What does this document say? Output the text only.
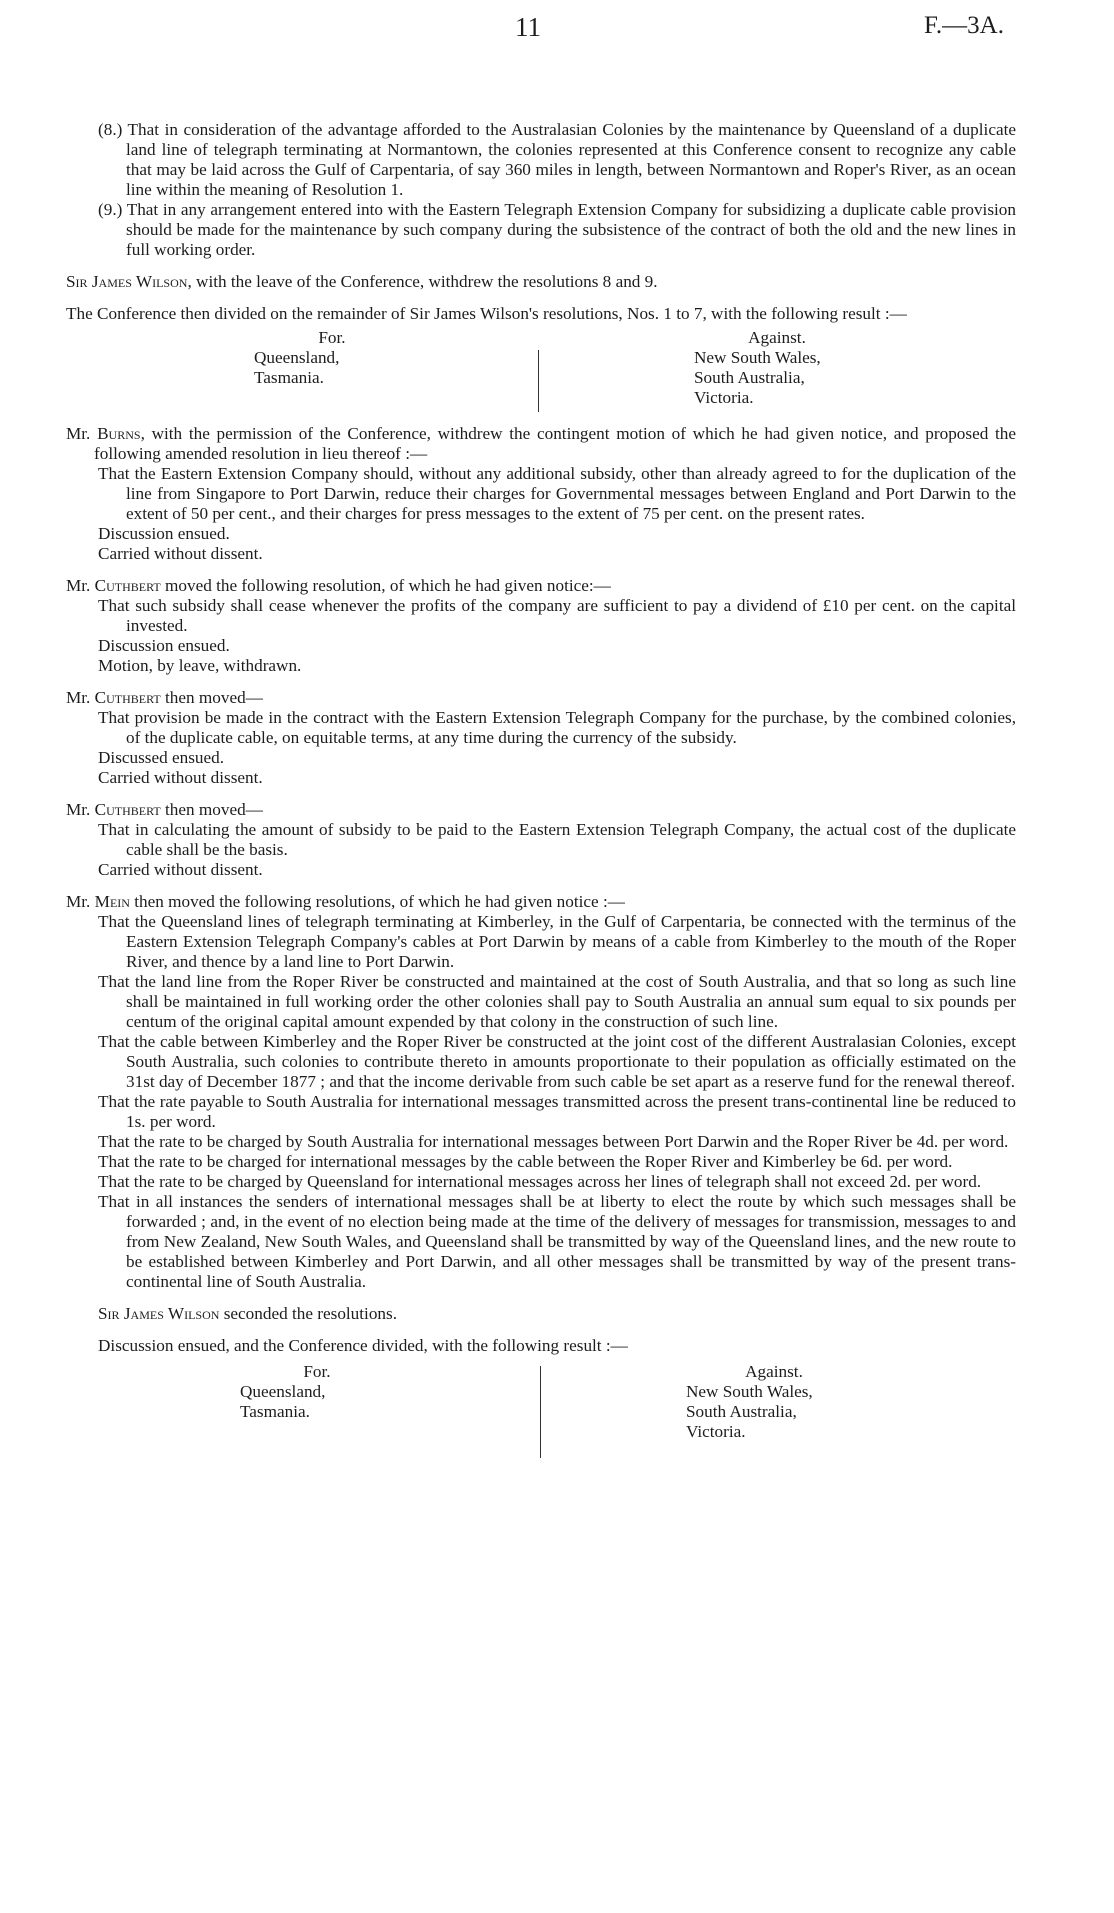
11	F.—3A.

(8.) That in consideration of the advantage afforded to the Australasian Colonies by the maintenance by Queensland of a duplicate land line of telegraph terminating at Normantown, the colonies represented at this Conference consent to recognize any cable that may be laid across the Gulf of Carpentaria, of say 360 miles in length, between Normantown and Roper's River, as an ocean line within the meaning of Resolution 1.

(9.) That in any arrangement entered into with the Eastern Telegraph Extension Company for subsidizing a duplicate cable provision should be made for the maintenance by such company during the subsistence of the contract of both the old and the new lines in full working order.

Sir James Wilson, with the leave of the Conference, withdrew the resolutions 8 and 9.

The Conference then divided on the remainder of Sir James Wilson's resolutions, Nos. 1 to 7, with the following result :—

For.
Queensland,
Tasmania.
Against.
New South Wales,
South Australia,
Victoria.

Mr. Burns, with the permission of the Conference, withdrew the contingent motion of which he had given notice, and proposed the following amended resolution in lieu thereof :—

That the Eastern Extension Company should, without any additional subsidy, other than already agreed to for the duplication of the line from Singapore to Port Darwin, reduce their charges for Governmental messages between England and Port Darwin to the extent of 50 per cent., and their charges for press messages to the extent of 75 per cent. on the present rates.

Discussion ensued.

Carried without dissent.

Mr. Cuthbert moved the following resolution, of which he had given notice:—

That such subsidy shall cease whenever the profits of the company are sufficient to pay a dividend of £10 per cent. on the capital invested.

Discussion ensued.

Motion, by leave, withdrawn.

Mr. Cuthbert then moved—

That provision be made in the contract with the Eastern Extension Telegraph Company for the purchase, by the combined colonies, of the duplicate cable, on equitable terms, at any time during the currency of the subsidy.

Discussed ensued.

Carried without dissent.

Mr. Cuthbert then moved—

That in calculating the amount of subsidy to be paid to the Eastern Extension Telegraph Company, the actual cost of the duplicate cable shall be the basis.

Carried without dissent.

Mr. Mein then moved the following resolutions, of which he had given notice :—

That the Queensland lines of telegraph terminating at Kimberley, in the Gulf of Carpentaria, be connected with the terminus of the Eastern Extension Telegraph Company's cables at Port Darwin by means of a cable from Kimberley to the mouth of the Roper River, and thence by a land line to Port Darwin.

That the land line from the Roper River be constructed and maintained at the cost of South Australia, and that so long as such line shall be maintained in full working order the other colonies shall pay to South Australia an annual sum equal to six pounds per centum of the original capital amount expended by that colony in the construction of such line.

That the cable between Kimberley and the Roper River be constructed at the joint cost of the different Australasian Colonies, except South Australia, such colonies to contribute thereto in amounts proportionate to their population as officially estimated on the 31st day of December 1877 ; and that the income derivable from such cable be set apart as a reserve fund for the renewal thereof.

That the rate payable to South Australia for international messages transmitted across the present trans-continental line be reduced to 1s. per word.

That the rate to be charged by South Australia for international messages between Port Darwin and the Roper River be 4d. per word.

That the rate to be charged for international messages by the cable between the Roper River and Kimberley be 6d. per word.

That the rate to be charged by Queensland for international messages across her lines of telegraph shall not exceed 2d. per word.

That in all instances the senders of international messages shall be at liberty to elect the route by which such messages shall be forwarded ; and, in the event of no election being made at the time of the delivery of messages for transmission, messages to and from New Zealand, New South Wales, and Queensland shall be transmitted by way of the Queensland lines, and the new route to be established between Kimberley and Port Darwin, and all other messages shall be transmitted by way of the present trans-continental line of South Australia.

Sir James Wilson seconded the resolutions.

Discussion ensued, and the Conference divided, with the following result :—

For.
Queensland,
Tasmania.
Against.
New South Wales,
South Australia,
Victoria.
